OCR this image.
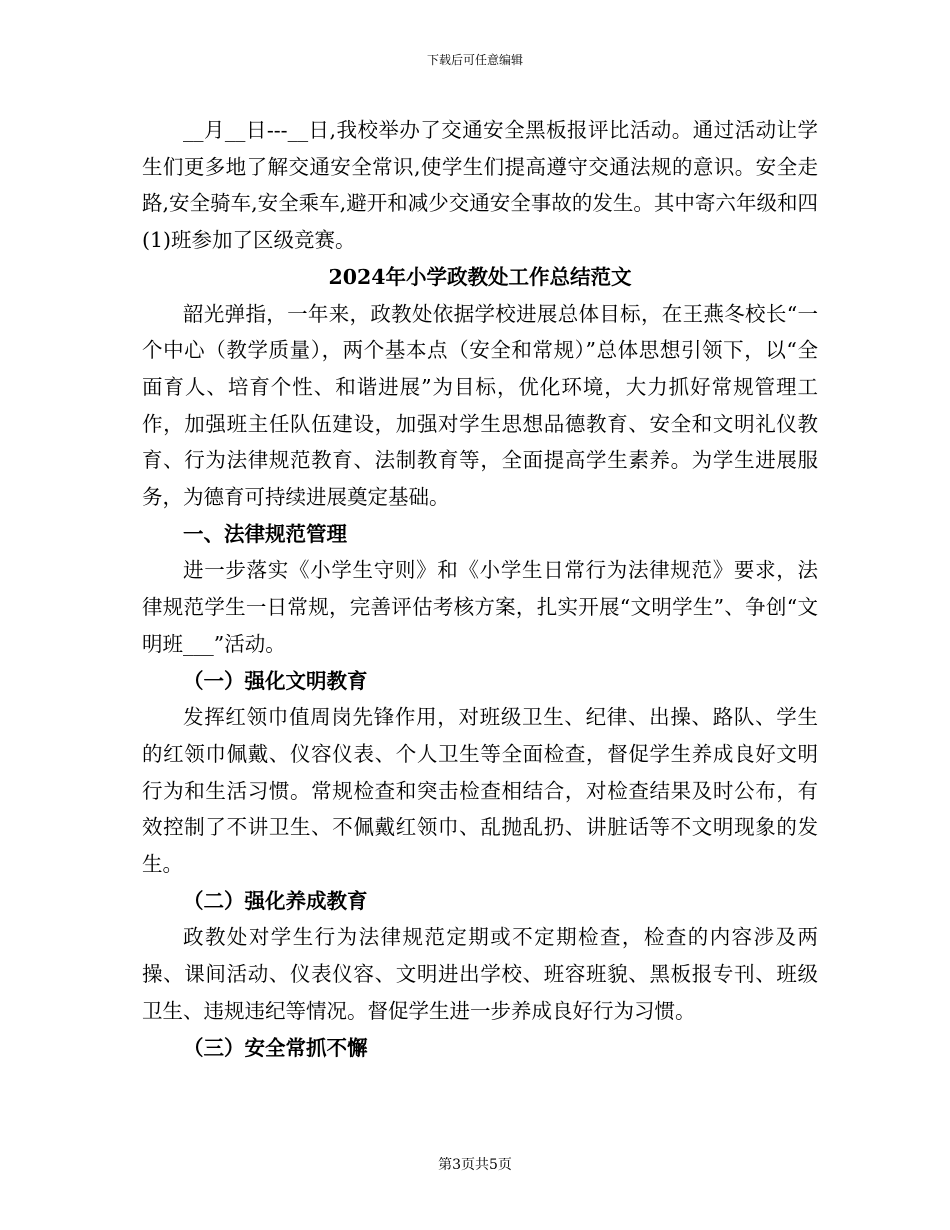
下载后可任意编辑

__月__日---__日,我校举办了交通安全黑板报评比活动。通过活动让学生们更多地了解交通安全常识,使学生们提高遵守交通法规的意识。安全走路,安全骑车,安全乘车,避开和减少交通安全事故的发生。其中寄六年级和四(1)班参加了区级竞赛。

2024年小学政教处工作总结范文

韶光弹指，一年来，政教处依据学校进展总体目标，在王燕冬校长“一个中心（教学质量），两个基本点（安全和常规）”总体思想引领下，以“全面育人、培育个性、和谐进展”为目标，优化环境，大力抓好常规管理工作，加强班主任队伍建设，加强对学生思想品德教育、安全和文明礼仪教育、行为法律规范教育、法制教育等，全面提高学生素养。为学生进展服务，为德育可持续进展奠定基础。

一、法律规范管理

进一步落实《小学生守则》和《小学生日常行为法律规范》要求，法律规范学生一日常规，完善评估考核方案，扎实开展“文明学生”、争创“文明班___”活动。

（一）强化文明教育

发挥红领巾值周岗先锋作用，对班级卫生、纪律、出操、路队、学生的红领巾佩戴、仪容仪表、个人卫生等全面检查，督促学生养成良好文明行为和生活习惯。常规检查和突击检查相结合，对检查结果及时公布，有效控制了不讲卫生、不佩戴红领巾、乱抛乱扔、讲脏话等不文明现象的发生。

（二）强化养成教育

政教处对学生行为法律规范定期或不定期检查，检查的内容涉及两操、课间活动、仪表仪容、文明进出学校、班容班貌、黑板报专刊、班级卫生、违规违纪等情况。督促学生进一步养成良好行为习惯。

（三）安全常抓不懈

第3页共5页
